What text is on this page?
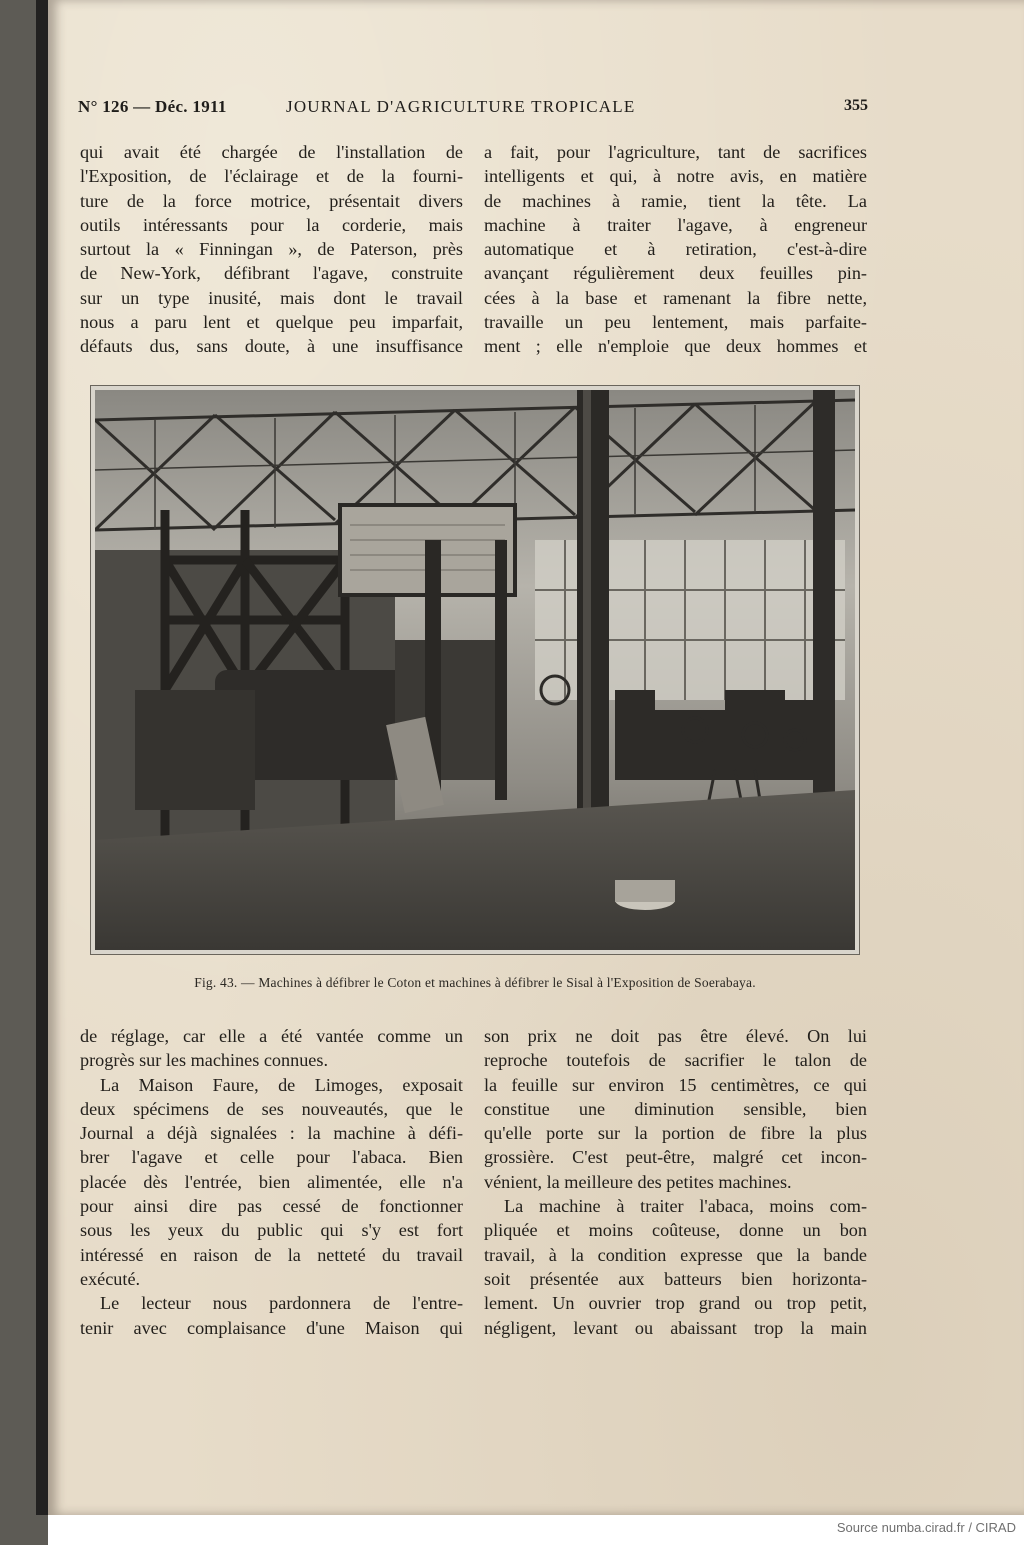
N° 126 — Déc. 1911	JOURNAL D'AGRICULTURE TROPICALE	355
qui avait été chargée de l'installation de
l'Exposition, de l'éclairage et de la fourni-
ture de la force motrice, présentait divers
outils intéressants pour la corderie, mais
surtout la « Finningan », de Paterson, près
de New-York, défibrant l'agave, construite
sur un type inusité, mais dont le travail
nous a paru lent et quelque peu imparfait,
défauts dus, sans doute, à une insuffisance
a fait, pour l'agriculture, tant de sacrifices
intelligents et qui, à notre avis, en matière
de machines à ramie, tient la tête. La
machine à traiter l'agave, à engreneur
automatique et à retiration, c'est-à-dire
avançant régulièrement deux feuilles pin-
cées à la base et ramenant la fibre nette,
travaille un peu lentement, mais parfaite-
ment ; elle n'emploie que deux hommes et
Fig. 43. — Machines à défibrer le Coton et machines à défibrer le Sisal à l'Exposition de Soerabaya.
de réglage, car elle a été vantée comme un
progrès sur les machines connues.
La Maison Faure, de Limoges, exposait
deux spécimens de ses nouveautés, que le
Journal a déjà signalées : la machine à défi-
brer l'agave et celle pour l'abaca. Bien
placée dès l'entrée, bien alimentée, elle n'a
pour ainsi dire pas cessé de fonctionner
sous les yeux du public qui s'y est fort
intéressé en raison de la netteté du travail
exécuté.
Le lecteur nous pardonnera de l'entre-
tenir avec complaisance d'une Maison qui
son prix ne doit pas être élevé. On lui
reproche toutefois de sacrifier le talon de
la feuille sur environ 15 centimètres, ce qui
constitue une diminution sensible, bien
qu'elle porte sur la portion de fibre la plus
grossière. C'est peut-être, malgré cet incon-
vénient, la meilleure des petites machines.
La machine à traiter l'abaca, moins com-
pliquée et moins coûteuse, donne un bon
travail, à la condition expresse que la bande
soit présentée aux batteurs bien horizonta-
lement. Un ouvrier trop grand ou trop petit,
négligent, levant ou abaissant trop la main
Source numba.cirad.fr / CIRAD
